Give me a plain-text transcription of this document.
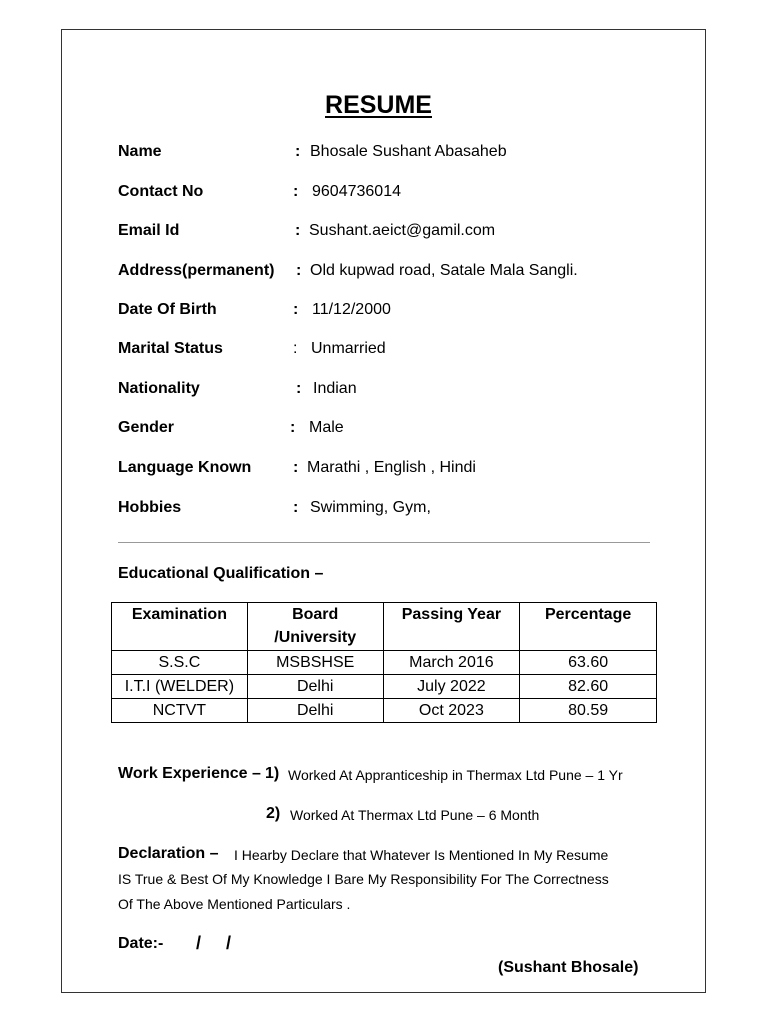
RESUME
Name	: Bhosale Sushant Abasaheb
Contact No	: 9604736014
Email Id	: Sushant.aeict@gamil.com
Address(permanent) : Old kupwad road, Satale Mala Sangli.
Date Of Birth	: 11/12/2000
Marital Status	: Unmarried
Nationality	: Indian
Gender	: Male
Language Known	: Marathi , English , Hindi
Hobbies	: Swimming, Gym,
Educational Qualification –
Examination	Board /University	Passing Year	Percentage
S.S.C	MSBSHSE	March 2016	63.60
I.T.I (WELDER)	Delhi	July 2022	82.60
NCTVT	Delhi	Oct 2023	80.59
Work Experience – 1) Worked At Appranticeship in Thermax Ltd Pune – 1 Yr
2) Worked At Thermax Ltd Pune – 6 Month
Declaration – I Hearby Declare that Whatever Is Mentioned In My Resume
IS True & Best Of My Knowledge I Bare My Responsibility For The Correctness
Of The Above Mentioned Particulars .
Date:- /     /
(Sushant Bhosale)
